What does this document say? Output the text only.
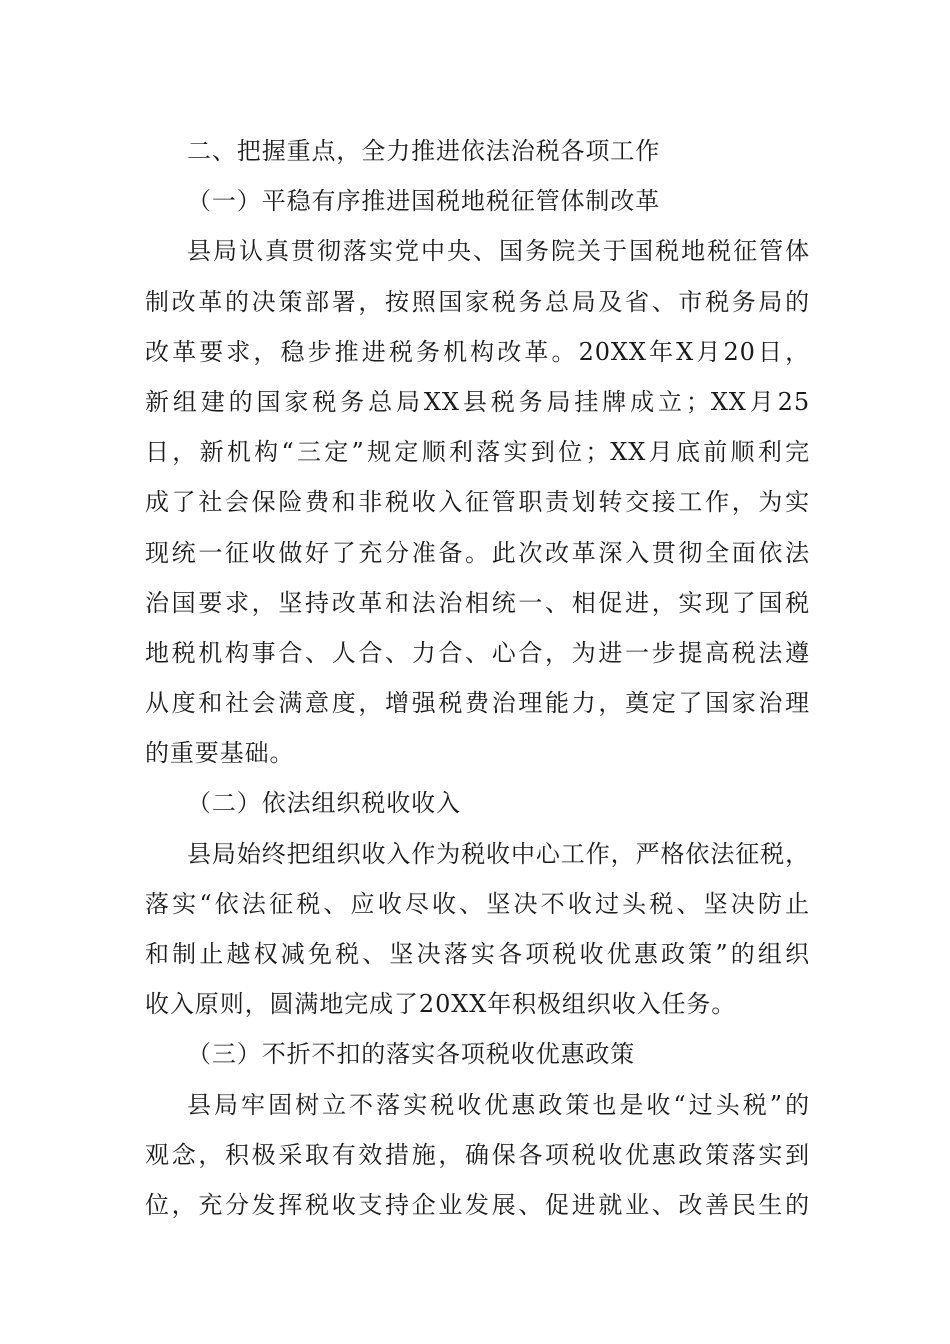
二、把握重点，全力推进依法治税各项工作
（一）平稳有序推进国税地税征管体制改革
县局认真贯彻落实党中央、国务院关于国税地税征管体
制改革的决策部署，按照国家税务总局及省、市税务局的
改革要求，稳步推进税务机构改革。20XX年X月20日，
新组建的国家税务总局XX县税务局挂牌成立；XX月25
日，新机构“三定”规定顺利落实到位；XX月底前顺利完
成了社会保险费和非税收入征管职责划转交接工作，为实
现统一征收做好了充分准备。此次改革深入贯彻全面依法
治国要求，坚持改革和法治相统一、相促进，实现了国税
地税机构事合、人合、力合、心合，为进一步提高税法遵
从度和社会满意度，增强税费治理能力，奠定了国家治理
的重要基础。
（二）依法组织税收收入
县局始终把组织收入作为税收中心工作，严格依法征税，
落实“依法征税、应收尽收、坚决不收过头税、坚决防止
和制止越权减免税、坚决落实各项税收优惠政策”的组织
收入原则，圆满地完成了20XX年积极组织收入任务。
（三）不折不扣的落实各项税收优惠政策
县局牢固树立不落实税收优惠政策也是收“过头税”的
观念，积极采取有效措施，确保各项税收优惠政策落实到
位，充分发挥税收支持企业发展、促进就业、改善民生的
